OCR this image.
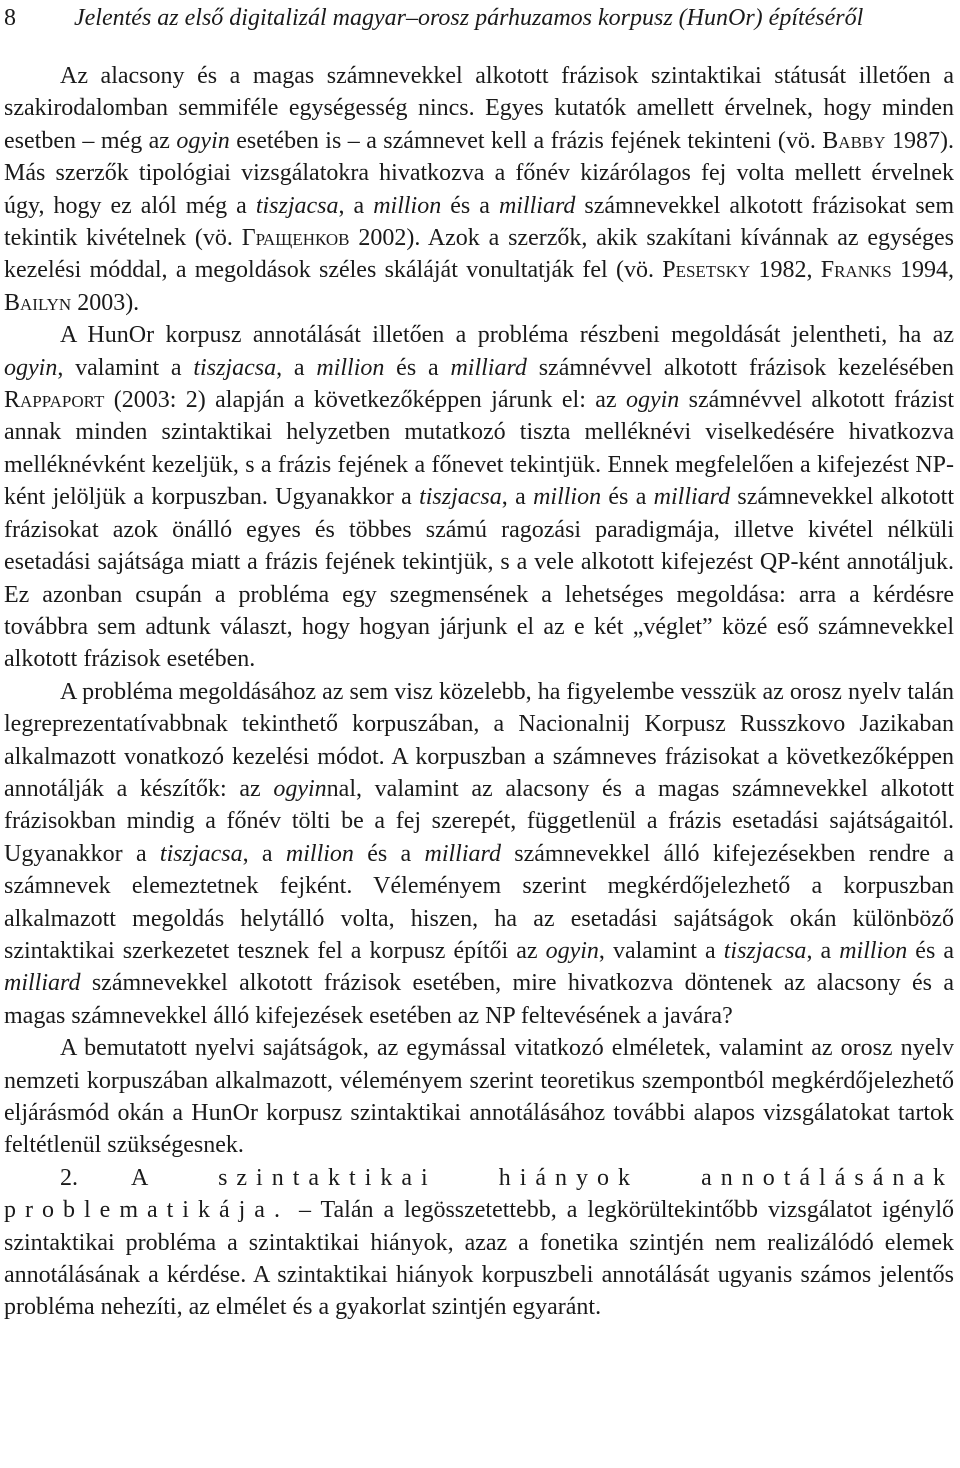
8 Jelentés az első digitalizál magyar–orosz párhuzamos korpusz (HunOr) építéséről

Az alacsony és a magas számnevekkel alkotott frázisok szintaktikai státusát illetően a szakirodalomban semmiféle egységesség nincs. Egyes kutatók amellett érvelnek, hogy minden esetben – még az ogyin esetében is – a számnevet kell a frázis fejének tekinteni (vö. Babby 1987). Más szerzők tipológiai vizsgálatokra hivatkozva a főnév kizárólagos fej volta mellett érvelnek úgy, hogy ez alól még a tiszjacsa, a million és a milliard számnevekkel alkotott frázisokat sem tekintik kivételnek (vö. Гращенков 2002). Azok a szerzők, akik szakítani kívánnak az egységes kezelési móddal, a megoldások széles skáláját vonultatják fel (vö. Pesetsky 1982, Franks 1994, Bailyn 2003).

A HunOr korpusz annotálását illetően a probléma részbeni megoldását jelentheti, ha az ogyin, valamint a tiszjacsa, a million és a milliard számnévvel alkotott frázisok kezelésében Rappaport (2003: 2) alapján a következőképpen járunk el: az ogyin számnévvel alkotott frázist annak minden szintaktikai helyzetben mutatkozó tiszta melléknévi viselkedésére hivatkozva melléknévként kezeljük, s a frázis fejének a főnevet tekintjük. Ennek megfelelően a kifejezést NP-ként jelöljük a korpuszban. Ugyanakkor a tiszjacsa, a million és a milliard számnevekkel alkotott frázisokat azok önálló egyes és többes számú ragozási paradigmája, illetve kivétel nélküli esetadási sajátsága miatt a frázis fejének tekintjük, s a vele alkotott kifejezést QP-ként annotáljuk. Ez azonban csupán a probléma egy szegmensének a lehetséges megoldása: arra a kérdésre továbbra sem adtunk választ, hogy hogyan járjunk el az e két „véglet” közé eső számnevekkel alkotott frázisok esetében.

A probléma megoldásához az sem visz közelebb, ha figyelembe vesszük az orosz nyelv talán legreprezentatívabbnak tekinthető korpuszában, a Nacionalnij Korpusz Russzkovo Jazikaban alkalmazott vonatkozó kezelési módot. A korpuszban a számneves frázisokat a következőképpen annotálják a készítők: az ogyinnal, valamint az alacsony és a magas számnevekkel alkotott frázisokban mindig a főnév tölti be a fej szerepét, függetlenül a frázis esetadási sajátságaitól. Ugyanakkor a tiszjacsa, a million és a milliard számnevekkel álló kifejezésekben rendre a számnevek elemeztetnek fejként. Véleményem szerint megkérdőjelezhető a korpuszban alkalmazott megoldás helytálló volta, hiszen, ha az esetadási sajátságok okán különböző szintaktikai szerkezetet tesznek fel a korpusz építői az ogyin, valamint a tiszjacsa, a million és a milliard számnevekkel alkotott frázisok esetében, mire hivatkozva döntenek az alacsony és a magas számnevekkel álló kifejezések esetében az NP feltevésének a javára?

A bemutatott nyelvi sajátságok, az egymással vitatkozó elméletek, valamint az orosz nyelv nemzeti korpuszában alkalmazott, véleményem szerint teoretikus szempontból megkérdőjelezhető eljárásmód okán a HunOr korpusz szintaktikai annotálásához további alapos vizsgálatokat tartok feltétlenül szükségesnek.

2. A szintaktikai hiányok annotálásának problematikája. – Talán a legösszetettebb, a legkörültekintőbb vizsgálatot igénylő szintaktikai probléma a szintaktikai hiányok, azaz a fonetika szintjén nem realizálódó elemek annotálásának a kérdése. A szintaktikai hiányok korpuszbeli annotálását ugyanis számos jelentős probléma nehezíti, az elmélet és a gyakorlat szintjén egyaránt.
